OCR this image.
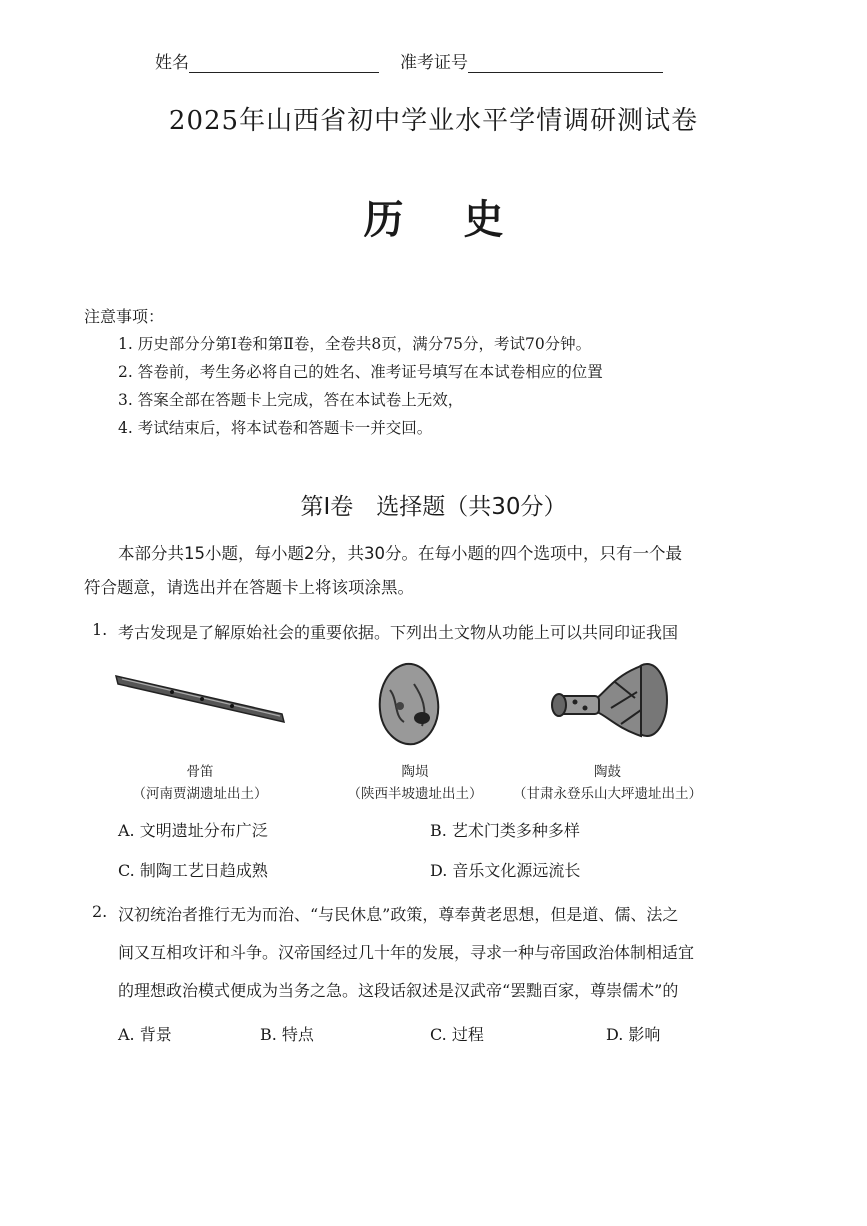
姓名	准考证号
2025年山西省初中学业水平学情调研测试卷
历史
注意事项：
1. 历史部分分第Ⅰ卷和第Ⅱ卷，全卷共8页，满分75分，考试70分钟。
2. 答卷前，考生务必将自己的姓名、准考证号填写在本试卷相应的位置
3. 答案全部在答题卡上完成，答在本试卷上无效，
4. 考试结束后，将本试卷和答题卡一并交回。
第Ⅰ卷　选择题（共30分）
本部分共15小题，每小题2分，共30分。在每小题的四个选项中，只有一个最
符合题意，请选出并在答题卡上将该项涂黑。
1. 考古发现是了解原始社会的重要依据。下列出土文物从功能上可以共同印证我国
骨笛
（河南贾湖遗址出土）
陶埙
（陕西半坡遗址出土）
陶鼓
（甘肃永登乐山大坪遗址出土）
A. 文明遗址分布广泛	B. 艺术门类多种多样
C. 制陶工艺日趋成熟	D. 音乐文化源远流长
2. 汉初统治者推行无为而治、“与民休息”政策，尊奉黄老思想，但是道、儒、法之
间又互相攻讦和斗争。汉帝国经过几十年的发展，寻求一种与帝国政治体制相适宜
的理想政治模式便成为当务之急。这段话叙述是汉武帝“罢黜百家，尊崇儒术”的
A. 背景	B. 特点	C. 过程	D. 影响
